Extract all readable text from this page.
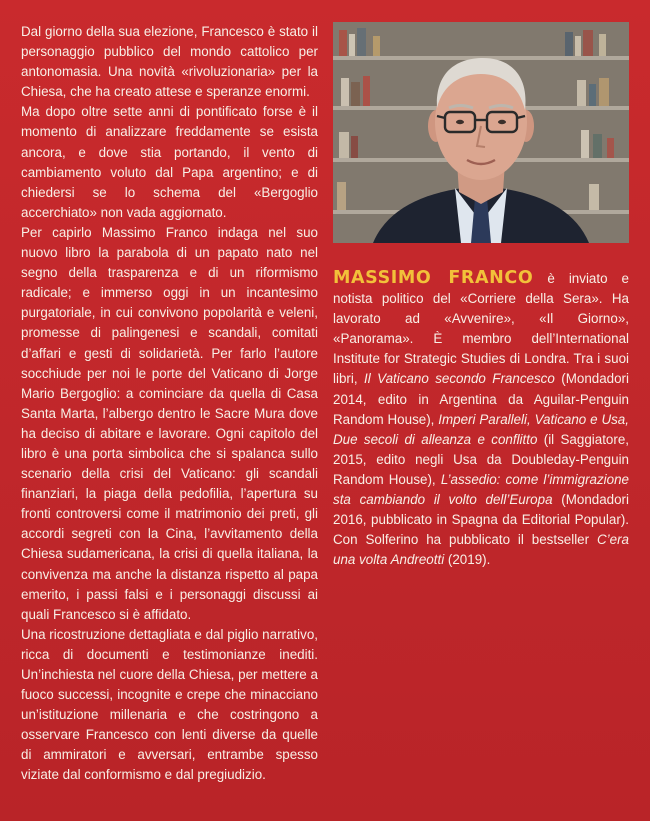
Dal giorno della sua elezione, Francesco è stato il personaggio pubblico del mondo cattolico per antonomasia. Una novità «rivoluzionaria» per la Chiesa, che ha creato attese e speranze enormi.

Ma dopo oltre sette anni di pontificato forse è il momento di analizzare freddamente se esista ancora, e dove stia portando, il vento di cambiamento voluto dal Papa argentino; e di chiedersi se lo schema del «Bergoglio accerchiato» non vada aggiornato.

Per capirlo Massimo Franco indaga nel suo nuovo libro la parabola di un papato nato nel segno della trasparenza e di un riformismo radicale; e immerso oggi in un incantesimo purgatoriale, in cui convivono popolarità e veleni, promesse di palingenesi e scandali, comitati d’affari e gesti di solidarietà. Per farlo l’autore socchiude per noi le porte del Vaticano di Jorge Mario Bergoglio: a cominciare da quella di Casa Santa Marta, l’albergo dentro le Sacre Mura dove ha deciso di abitare e lavorare. Ogni capitolo del libro è una porta simbolica che si spalanca sullo scenario della crisi del Vaticano: gli scandali finanziari, la piaga della pedofilia, l’apertura su fronti controversi come il matrimonio dei preti, gli accordi segreti con la Cina, l’avvitamento della Chiesa sudamericana, la crisi di quella italiana, la convivenza ma anche la distanza rispetto al papa emerito, i passi falsi e i personaggi discussi ai quali Francesco si è affidato.

Una ricostruzione dettagliata e dal piglio narrativo, ricca di documenti e testimonianze inediti. Un’inchiesta nel cuore della Chiesa, per mettere a fuoco successi, incognite e crepe che minacciano un’istituzione millenaria e che costringono a osservare Francesco con lenti diverse da quelle di ammiratori e avversari, entrambe spesso viziate dal conformismo e dal pregiudizio.

MASSIMO FRANCO è inviato e notista politico del «Corriere della Sera». Ha lavorato ad «Avvenire», «Il Giorno», «Panorama». È membro dell’International Institute for Strategic Studies di Londra. Tra i suoi libri, Il Vaticano secondo Francesco (Mondadori 2014, edito in Argentina da Aguilar-Penguin Random House), Imperi Paralleli, Vaticano e Usa, Due secoli di alleanza e conflitto (il Saggiatore, 2015, edito negli Usa da Doubleday-Penguin Random House), L’assedio: come l’immigrazione sta cambiando il volto dell’Europa (Mondadori 2016, pubblicato in Spagna da Editorial Popular). Con Solferino ha pubblicato il bestseller C’era una volta Andreotti (2019).
